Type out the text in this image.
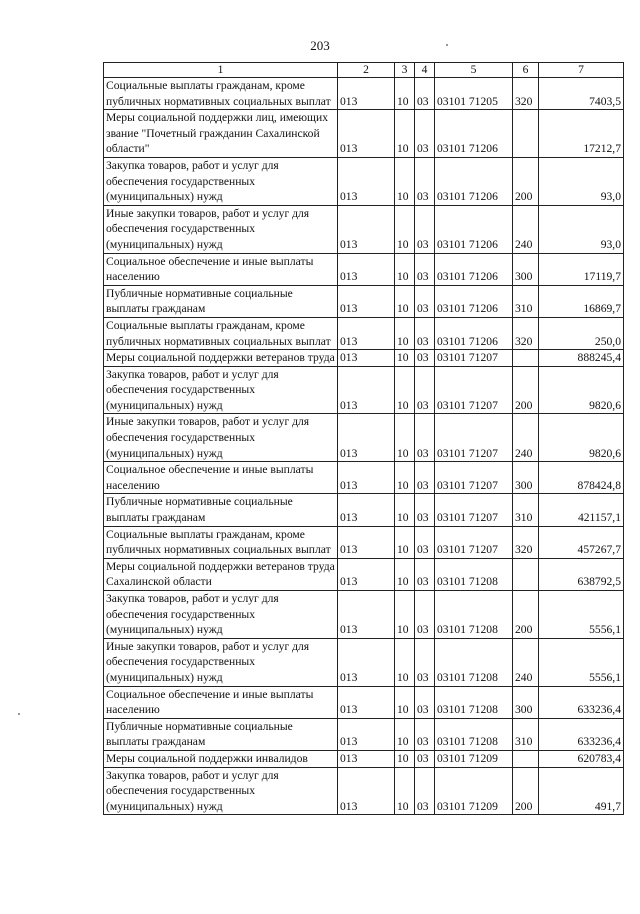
203
1	2	3	4	5	6	7
Социальные выплаты гражданам, кроме публичных нормативных социальных выплат	013	10	03	03101 71205	320	7403,5
Меры социальной поддержки лиц, имеющих звание "Почетный гражданин Сахалинской области"	013	10	03	03101 71206		17212,7
Закупка товаров, работ и услуг для обеспечения государственных (муниципальных) нужд	013	10	03	03101 71206	200	93,0
Иные закупки товаров, работ и услуг для обеспечения государственных (муниципальных) нужд	013	10	03	03101 71206	240	93,0
Социальное обеспечение и иные выплаты населению	013	10	03	03101 71206	300	17119,7
Публичные нормативные социальные выплаты гражданам	013	10	03	03101 71206	310	16869,7
Социальные выплаты гражданам, кроме публичных нормативных социальных выплат	013	10	03	03101 71206	320	250,0
Меры социальной поддержки ветеранов труда	013	10	03	03101 71207		888245,4
Закупка товаров, работ и услуг для обеспечения государственных (муниципальных) нужд	013	10	03	03101 71207	200	9820,6
Иные закупки товаров, работ и услуг для обеспечения государственных (муниципальных) нужд	013	10	03	03101 71207	240	9820,6
Социальное обеспечение и иные выплаты населению	013	10	03	03101 71207	300	878424,8
Публичные нормативные социальные выплаты гражданам	013	10	03	03101 71207	310	421157,1
Социальные выплаты гражданам, кроме публичных нормативных социальных выплат	013	10	03	03101 71207	320	457267,7
Меры социальной поддержки ветеранов труда Сахалинской области	013	10	03	03101 71208		638792,5
Закупка товаров, работ и услуг для обеспечения государственных (муниципальных) нужд	013	10	03	03101 71208	200	5556,1
Иные закупки товаров, работ и услуг для обеспечения государственных (муниципальных) нужд	013	10	03	03101 71208	240	5556,1
Социальное обеспечение и иные выплаты населению	013	10	03	03101 71208	300	633236,4
Публичные нормативные социальные выплаты гражданам	013	10	03	03101 71208	310	633236,4
Меры социальной поддержки инвалидов	013	10	03	03101 71209		620783,4
Закупка товаров, работ и услуг для обеспечения государственных (муниципальных) нужд	013	10	03	03101 71209	200	491,7
